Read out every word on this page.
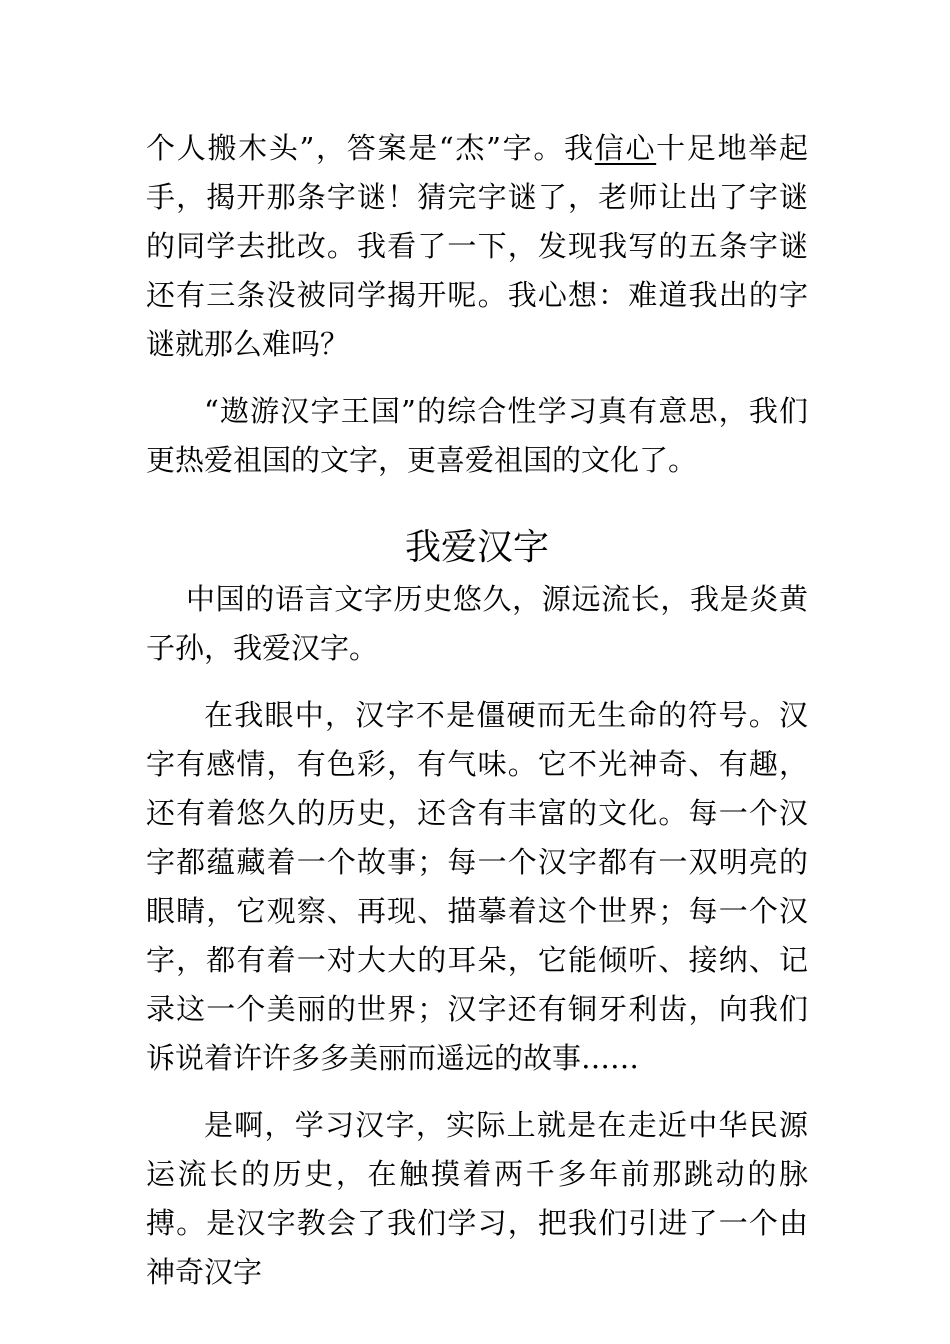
个人搬木头”，答案是“杰”字。我信心十足地举起手，揭开那条字谜！猜完字谜了，老师让出了字谜的同学去批改。我看了一下，发现我写的五条字谜还有三条没被同学揭开呢。我心想：难道我出的字谜就那么难吗？

“遨游汉字王国”的综合性学习真有意思，我们更热爱祖国的文字，更喜爱祖国的文化了。

我爱汉字

中国的语言文字历史悠久，源远流长，我是炎黄子孙，我爱汉字。

在我眼中，汉字不是僵硬而无生命的符号。汉字有感情，有色彩，有气味。它不光神奇、有趣，还有着悠久的历史，还含有丰富的文化。每一个汉字都蕴藏着一个故事；每一个汉字都有一双明亮的眼睛，它观察、再现、描摹着这个世界；每一个汉字，都有着一对大大的耳朵，它能倾听、接纳、记录这一个美丽的世界；汉字还有铜牙利齿，向我们诉说着许许多多美丽而遥远的故事……

是啊，学习汉字，实际上就是在走近中华民源运流长的历史，在触摸着两千多年前那跳动的脉搏。是汉字教会了我们学习，把我们引进了一个由神奇汉字
